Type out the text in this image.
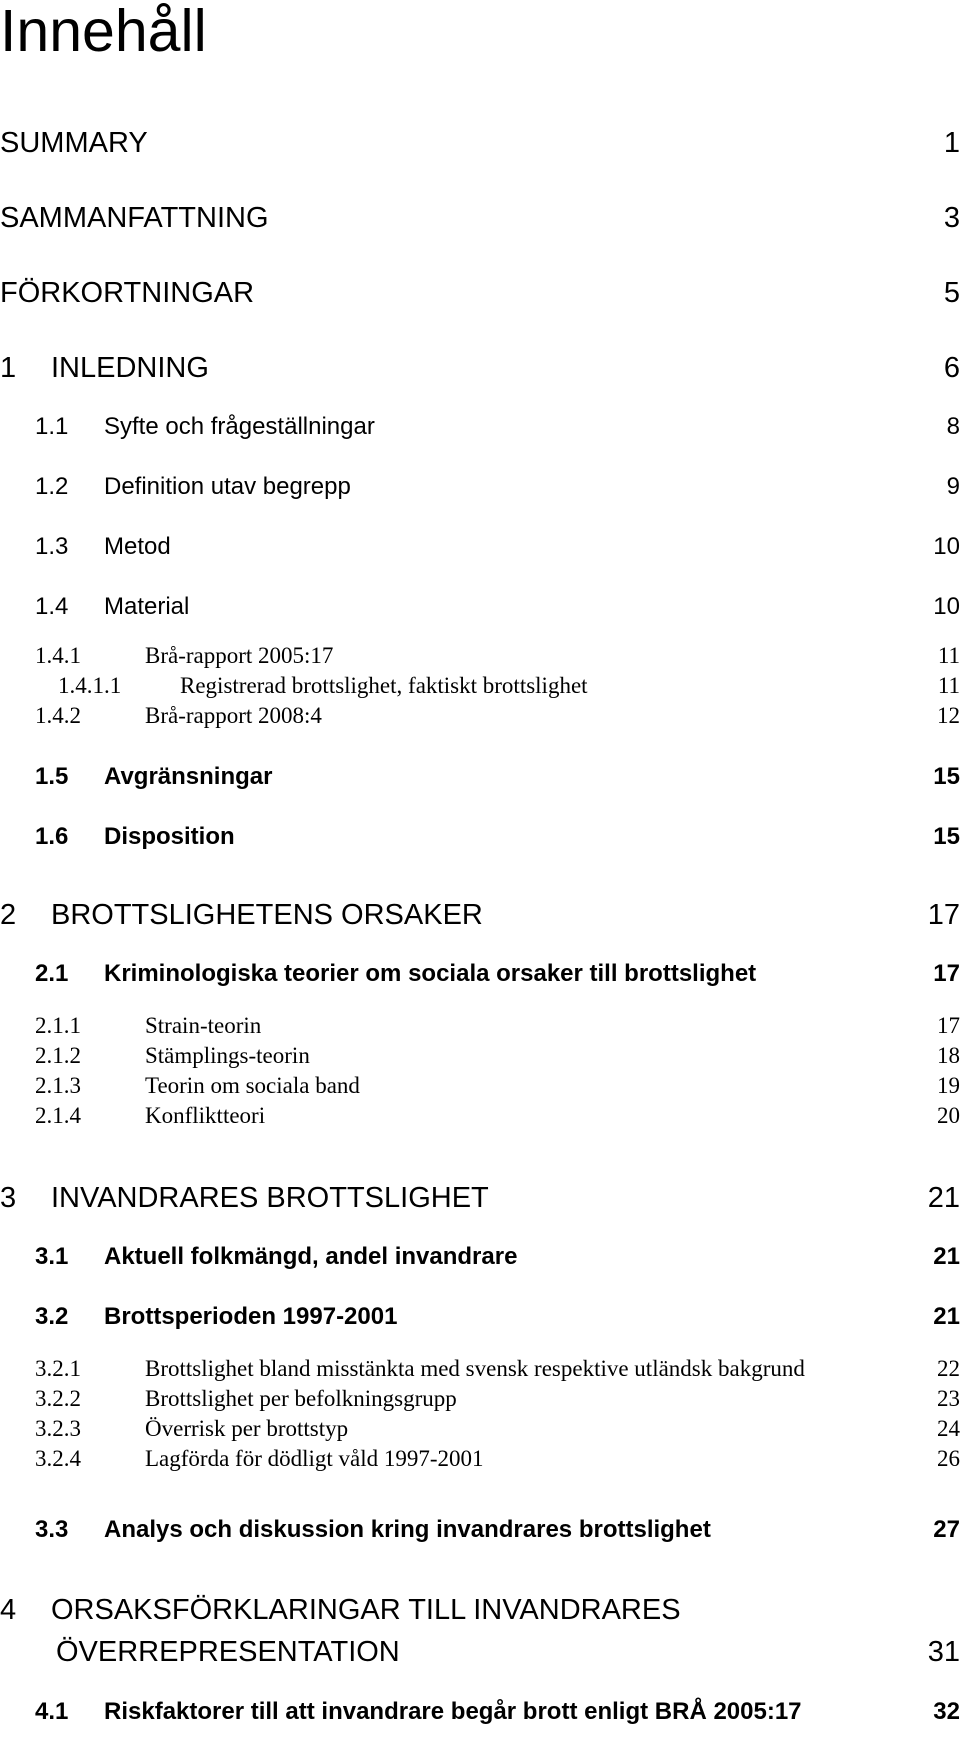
Innehåll
SUMMARY	1
SAMMANFATTNING	3
FÖRKORTNINGAR	5
1 INLEDNING	6
1.1 Syfte och frågeställningar	8
1.2 Definition utav begrepp	9
1.3 Metod	10
1.4 Material	10
1.4.1	Brå-rapport 2005:17	11
1.4.1.1	Registrerad brottslighet, faktiskt brottslighet	11
1.4.2	Brå-rapport 2008:4	12
1.5 Avgränsningar	15
1.6 Disposition	15
2 BROTTSLIGHETENS ORSAKER	17
2.1 Kriminologiska teorier om sociala orsaker till brottslighet	17
2.1.1	Strain-teorin	17
2.1.2	Stämplings-teorin	18
2.1.3	Teorin om sociala band	19
2.1.4	Konfliktteori	20
3 INVANDRARES BROTTSLIGHET	21
3.1 Aktuell folkmängd, andel invandrare	21
3.2 Brottsperioden 1997-2001	21
3.2.1	Brottslighet bland misstänkta med svensk respektive utländsk bakgrund	22
3.2.2	Brottslighet per befolkningsgrupp	23
3.2.3	Överrisk per brottstyp	24
3.2.4	Lagförda för dödligt våld 1997-2001	26
3.3 Analys och diskussion kring invandrares brottslighet	27
4 ORSAKSFÖRKLARINGAR TILL INVANDRARES
ÖVERREPRESENTATION	31
4.1 Riskfaktorer till att invandrare begår brott enligt BRÅ 2005:17	32
